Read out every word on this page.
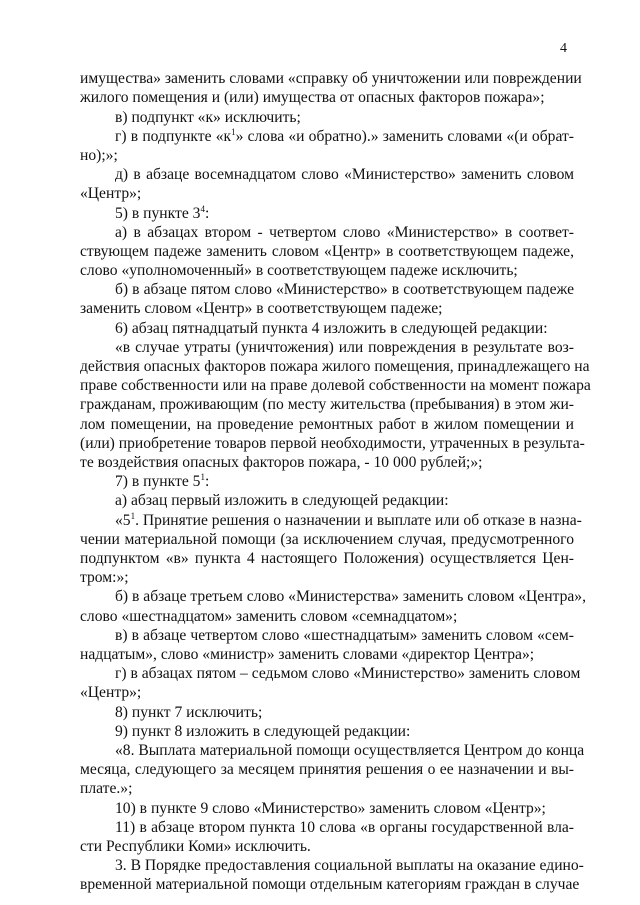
4
имущества» заменить словами «справку об уничтожении или повреждении
жилого помещения и (или) имущества от опасных факторов пожара»;
в) подпункт «к» исключить;
г) в подпункте «$к^1$» слова «и обратно).» заменить словами «(и обрат-
но);»;
д) в абзаце восемнадцатом слово «Министерство» заменить словом
«Центр»;
5) в пункте $3^4$:
а) в абзацах втором - четвертом слово «Министерство» в соответ-
ствующем падеже заменить словом «Центр» в соответствующем падеже,
слово «уполномоченный» в соответствующем падеже исключить;
б) в абзаце пятом слово «Министерство» в соответствующем падеже
заменить словом «Центр» в соответствующем падеже;
6) абзац пятнадцатый пункта 4 изложить в следующей редакции:
«в случае утраты (уничтожения) или повреждения в результате воз-
действия опасных факторов пожара жилого помещения, принадлежащего на
праве собственности или на праве долевой собственности на момент пожара
гражданам, проживающим (по месту жительства (пребывания) в этом жи-
лом помещении, на проведение ремонтных работ в жилом помещении и
(или) приобретение товаров первой необходимости, утраченных в результа-
те воздействия опасных факторов пожара, - 10 000 рублей;»;
7) в пункте $5^1$:
а) абзац первый изложить в следующей редакции:
«$5^1$. Принятие решения о назначении и выплате или об отказе в назна-
чении материальной помощи (за исключением случая, предусмотренного
подпунктом «в» пункта 4 настоящего Положения) осуществляется Цен-
тром:»;
б) в абзаце третьем слово «Министерства» заменить словом «Центра»,
слово «шестнадцатом» заменить словом «семнадцатом»;
в) в абзаце четвертом слово «шестнадцатым» заменить словом «сем-
надцатым», слово «министр» заменить словами «директор Центра»;
г) в абзацах пятом – седьмом слово «Министерство» заменить словом
«Центр»;
8) пункт 7 исключить;
9) пункт 8 изложить в следующей редакции:
«8. Выплата материальной помощи осуществляется Центром до конца
месяца, следующего за месяцем принятия решения о ее назначении и вы-
плате.»;
10) в пункте 9 слово «Министерство» заменить словом «Центр»;
11) в абзаце втором пункта 10 слова «в органы государственной вла-
сти Республики Коми» исключить.
3. В Порядке предоставления социальной выплаты на оказание едино-
временной материальной помощи отдельным категориям граждан в случае
